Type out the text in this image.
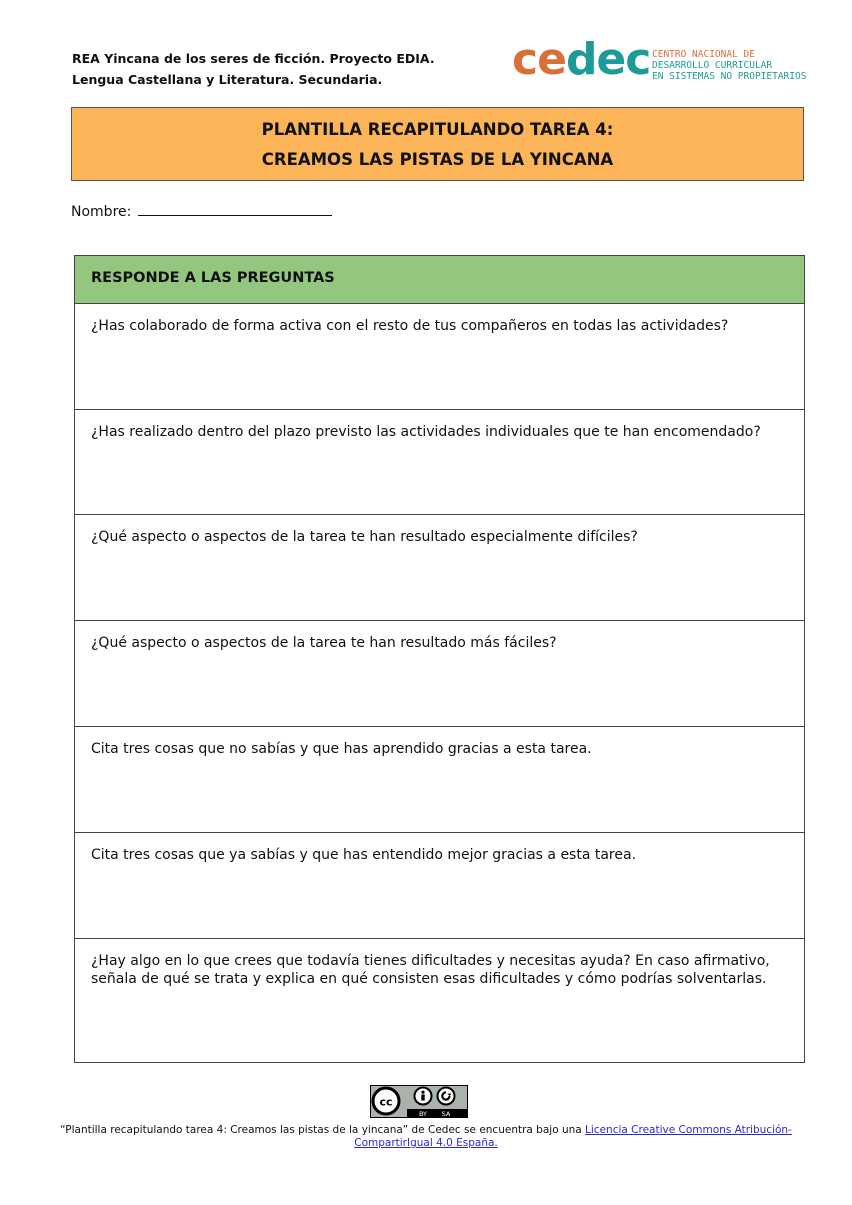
REA Yincana de los seres de ficción. Proyecto EDIA.
Lengua Castellana y Literatura. Secundaria.	cedec CENTRO NACIONAL DE
DESARROLLO CURRICULAR
EN SISTEMAS NO PROPIETARIOS
PLANTILLA RECAPITULANDO TAREA 4:
CREAMOS LAS PISTAS DE LA YINCANA
Nombre:
RESPONDE A LAS PREGUNTAS
¿Has colaborado de forma activa con el resto de tus compañeros en todas las actividades?
¿Has realizado dentro del plazo previsto las actividades individuales que te han encomendado?
¿Qué aspecto o aspectos de la tarea te han resultado especialmente difíciles?
¿Qué aspecto o aspectos de la tarea te han resultado más fáciles?
Cita tres cosas que no sabías y que has aprendido gracias a esta tarea.
Cita tres cosas que ya sabías y que has entendido mejor gracias a esta tarea.
¿Hay algo en lo que crees que todavía tienes dificultades y necesitas ayuda? En caso afirmativo, señala de qué se trata y explica en qué consisten esas dificultades y cómo podrías solventarlas.
cc
BY SA
“Plantilla recapitulando tarea 4: Creamos las pistas de la yincana” de Cedec se encuentra bajo una Licencia Creative Commons Atribución-CompartirIgual 4.0 España.
